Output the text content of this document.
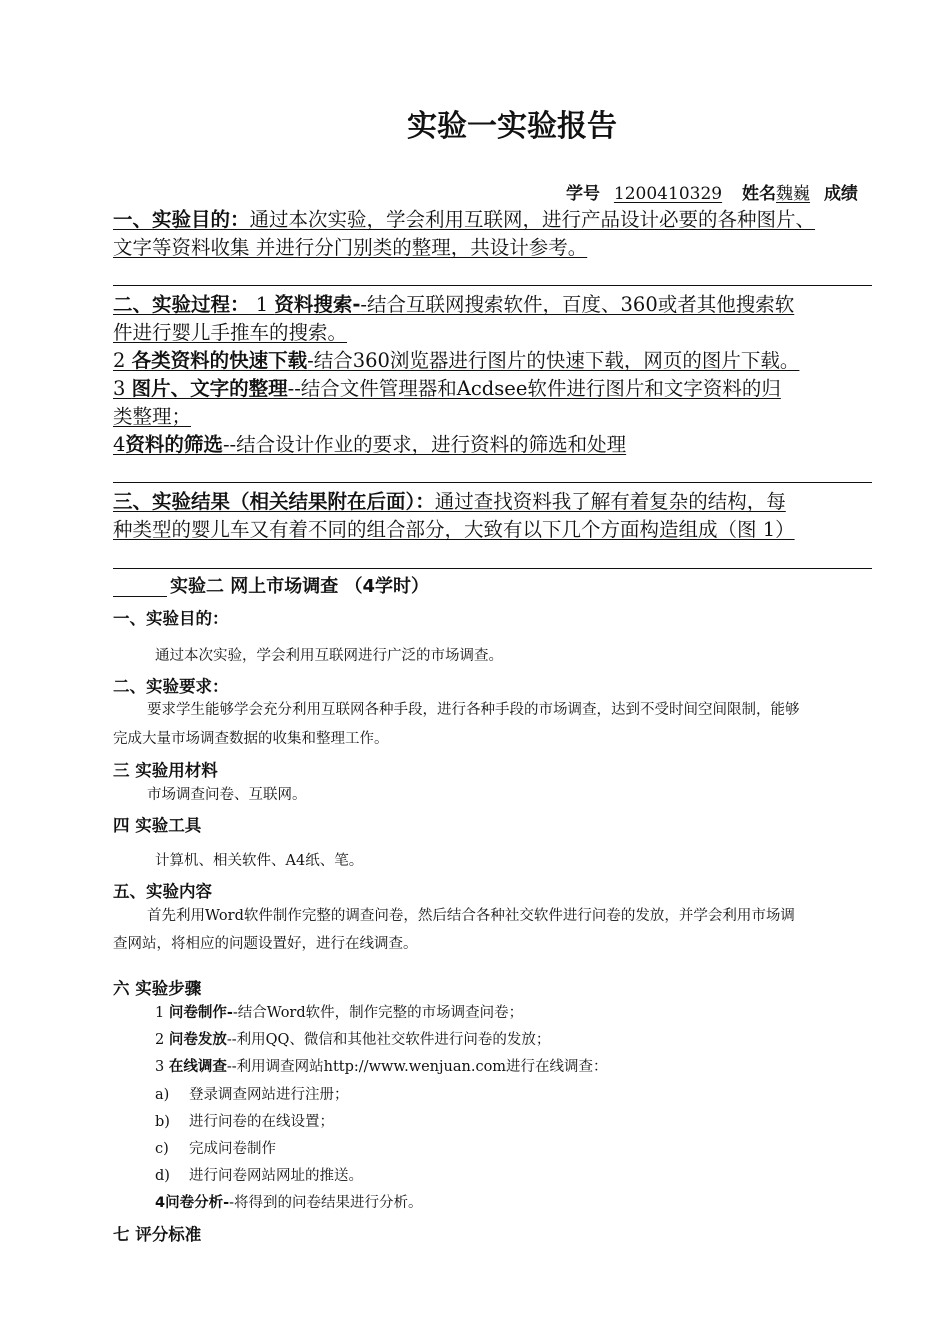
实验一实验报告
学号 1200410329 姓名魏巍 成绩
一、实验目的：通过本次实验，学会利用互联网，进行产品设计必要的各种图片、
文字等资料收集 并进行分门别类的整理，共设计参考。
二、实验过程： 1 资料搜索--结合互联网搜索软件，百度、360或者其他搜索软
件进行婴儿手推车的搜索。
2 各类资料的快速下载-结合360浏览器进行图片的快速下载，网页的图片下载。
3 图片、文字的整理--结合文件管理器和Acdsee软件进行图片和文字资料的归
类整理；
4资料的筛选--结合设计作业的要求，进行资料的筛选和处理
三、实验结果（相关结果附在后面）：通过查找资料我了解有着复杂的结构，每
种类型的婴儿车又有着不同的组合部分，大致有以下几个方面构造组成（图 1）
实验二 网上市场调查 （4学时）
一、实验目的：
通过本次实验，学会利用互联网进行广泛的市场调查。
二、实验要求：
要求学生能够学会充分利用互联网各种手段，进行各种手段的市场调查，达到不受时间空间限制，能够
完成大量市场调查数据的收集和整理工作。
三 实验用材料
市场调查问卷、互联网。
四 实验工具
计算机、相关软件、A4纸、笔。
五、实验内容
首先利用Word软件制作完整的调查问卷，然后结合各种社交软件进行问卷的发放，并学会利用市场调
查网站，将相应的问题设置好，进行在线调查。
六 实验步骤
1 问卷制作--结合Word软件，制作完整的市场调查问卷；
2 问卷发放--利用QQ、微信和其他社交软件进行问卷的发放；
3 在线调查--利用调查网站http://www.wenjuan.com进行在线调查：
a) 登录调查网站进行注册；
b) 进行问卷的在线设置；
c) 完成问卷制作
d) 进行问卷网站网址的推送。
4问卷分析--将得到的问卷结果进行分析。
七 评分标准
